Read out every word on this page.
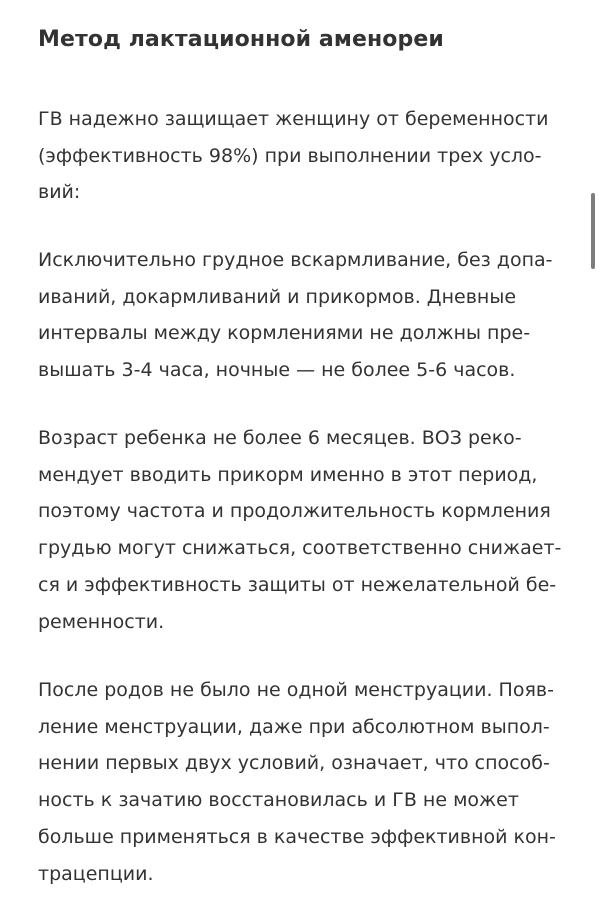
Метод лактационной аменореи

ГВ надежно защищает женщину от беременности
(эффективность 98%) при выполнении трех усло-
вий:

Исключительно грудное вскармливание, без допа-
иваний, докармливаний и прикормов. Дневные
интервалы между кормлениями не должны пре-
вышать 3-4 часа, ночные — не более 5-6 часов.

Возраст ребенка не более 6 месяцев. ВОЗ реко-
мендует вводить прикорм именно в этот период,
поэтому частота и продолжительность кормления
грудью могут снижаться, соответственно снижает-
ся и эффективность защиты от нежелательной бе-
ременности.

После родов не было не одной менструации. Появ-
ление менструации, даже при абсолютном выпол-
нении первых двух условий, означает, что способ-
ность к зачатию восстановилась и ГВ не может
больше применяться в качестве эффективной кон-
трацепции.
